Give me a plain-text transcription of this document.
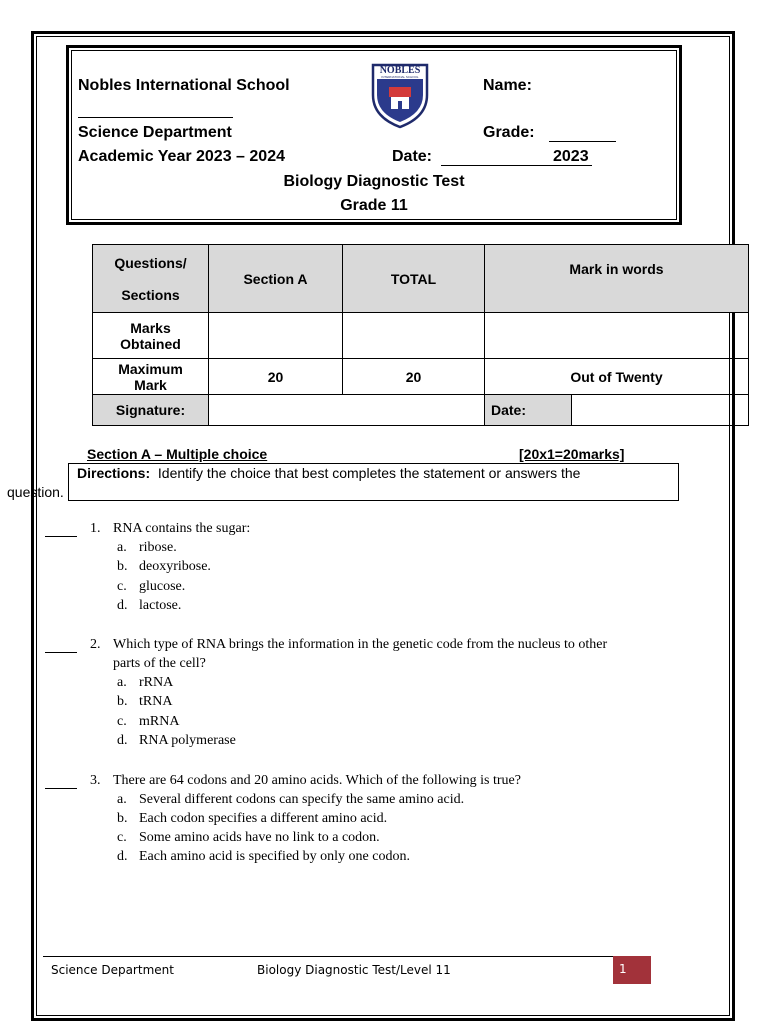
Nobles International School
Science Department
Academic Year 2023 – 2024
NOBLES
INTERNATIONAL SCHOOL	Name:
Grade:
Date:	2023
Biology Diagnostic Test
Grade 11
Questions/
Sections	Section A	TOTAL	Mark in words	

Marks
Obtained				

Maximum
Mark	20	20	Out of Twenty	
Signature:			Date:	
Section A – Multiple choice	[20x1=20marks]
Directions: Identify the choice that best completes the statement or answers the
question.
1. RNA contains the sugar:
a. ribose.
b. deoxyribose.
c. glucose.
d. lactose.
2. Which type of RNA brings the information in the genetic code from the nucleus to other
parts of the cell?
a. rRNA
b. tRNA
c. mRNA
d. RNA polymerase
3. There are 64 codons and 20 amino acids. Which of the following is true?
a. Several different codons can specify the same amino acid.
b. Each codon specifies a different amino acid.
c. Some amino acids have no link to a codon.
d. Each amino acid is specified by only one codon.
Science Department	Biology Diagnostic Test/Level 11	1
